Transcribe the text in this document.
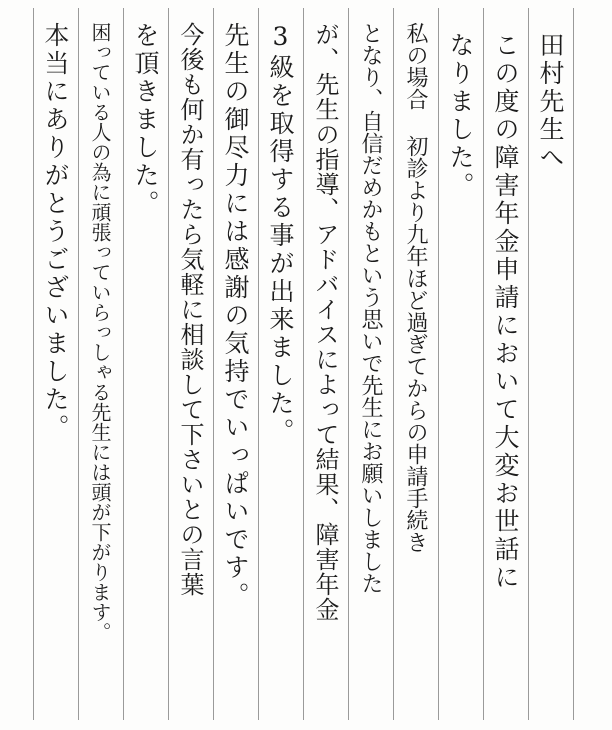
田村先生へ
この度の障害年金申請において大変お世話に
なりました。
私の場合 初診より九年ほど過ぎてからの申請手続き
となり、自信だめかもという思いで先生にお願いしました
が、先生の指導、アドバイスによって結果、障害年金
3級を取得する事が出来ました。
先生の御尽力には感謝の気持でいっぱいです。
今後も何か有ったら気軽に相談して下さいとの言葉
を頂きました。
困っている人の為に頑張っていらっしゃる先生には頭が下がります。
本当にありがとうございました。
